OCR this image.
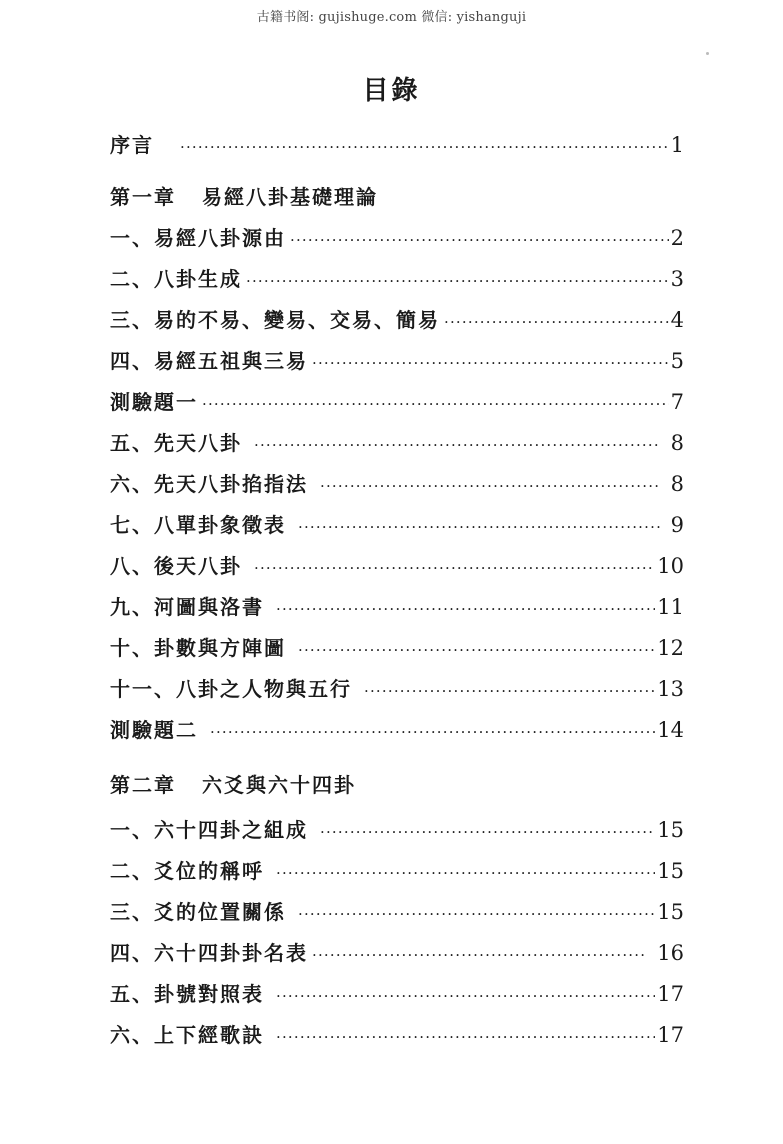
古籍书阁: gujishuge.com 微信: yishanguji
目錄
序言 ·····	1
第一章 易經八卦基礎理論
一、易經八卦源由 ·····	2
二、八卦生成 ·····	3
三、易的不易、變易、交易、簡易 ·····	4
四、易經五祖與三易 ·····	5
測驗題一 ·····	7
五、先天八卦 ·····	8
六、先天八卦掐指法 ·····	8
七、八單卦象徵表 ·····	9
八、後天八卦 ·····	10
九、河圖與洛書 ·····	11
十、卦數與方陣圖 ·····	12
十一、八卦之人物與五行 ·····	13
測驗題二 ·····	14
第二章 六爻與六十四卦
一、六十四卦之組成 ·····	15
二、爻位的稱呼 ·····	15
三、爻的位置關係 ·····	15
四、六十四卦卦名表 ·····	16
五、卦號對照表 ·····	17
六、上下經歌訣 ·····	17
